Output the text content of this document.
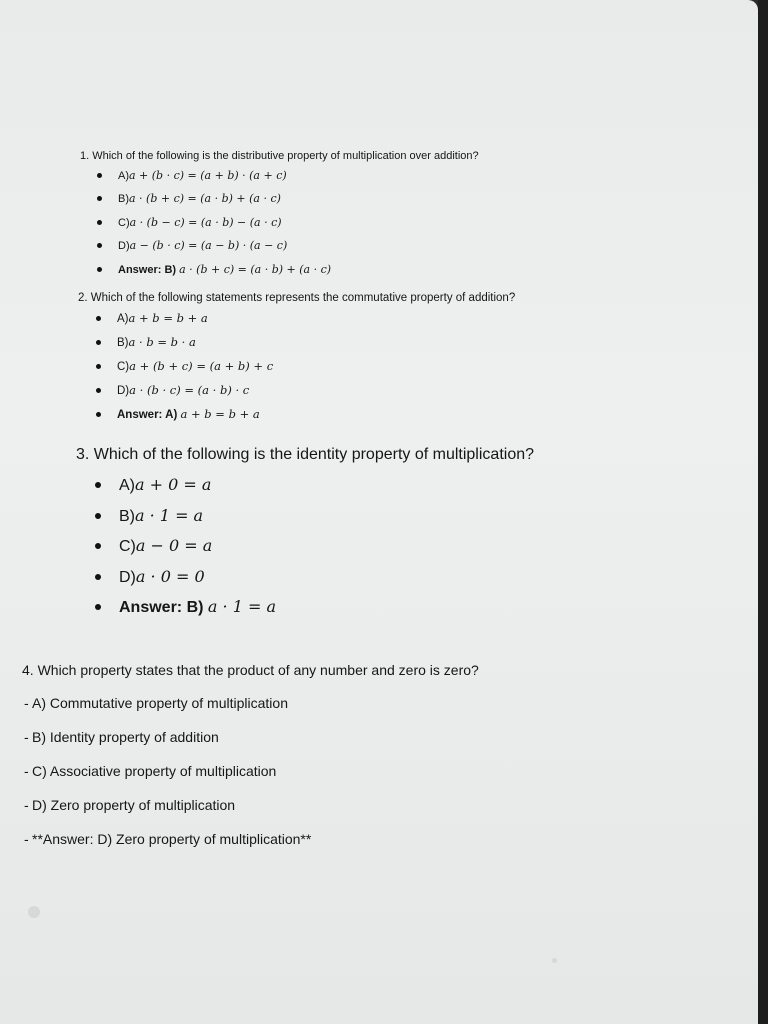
1. Which of the following is the distributive property of multiplication over addition?

A)a + (b · c) = (a + b) · (a + c)
B)a · (b + c) = (a · b) + (a · c)
C)a · (b − c) = (a · b) − (a · c)
D)a − (b · c) = (a − b) · (a − c)
Answer: B) a · (b + c) = (a · b) + (a · c)

2. Which of the following statements represents the commutative property of addition?

A)a + b = b + a
B)a · b = b · a
C)a + (b + c) = (a + b) + c
D)a · (b · c) = (a · b) · c
Answer: A) a + b = b + a

3. Which of the following is the identity property of multiplication?

A)a + 0 = a
B)a · 1 = a
C)a − 0 = a
D)a · 0 = 0
Answer: B) a · 1 = a

4. Which property states that the product of any number and zero is zero?

- A) Commutative property of multiplication
- B) Identity property of addition
- C) Associative property of multiplication
- D) Zero property of multiplication
- **Answer: D) Zero property of multiplication**
